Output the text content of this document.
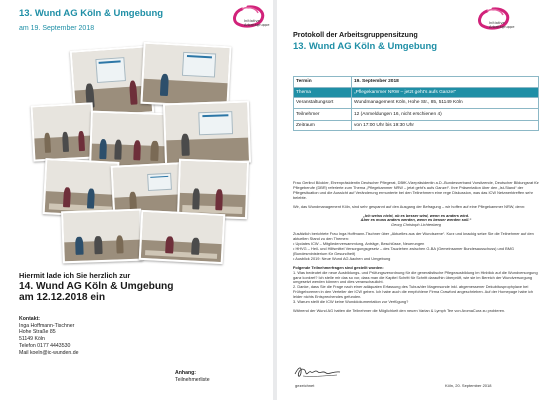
13. Wund AG Köln & Umgebung
am 19. September 2018
Initiative
Arbeitsgruppe
Hiermit lade ich Sie herzlich zur
14. Wund AG Köln & Umgebung
am 12.12.2018 ein
Kontakt:
Inga Hoffmann-Tischner
Hohe Straße 85
51149 Köln
Telefon 0177 4443530
Mail koeln@ic-wunden.de
Anhang:
Teilnehmerliste
Initiative
Arbeitsgruppe
Protokoll der Arbeitsgruppensitzung
13. Wund AG Köln & Umgebung
Termin	19. September 2018
Thema	„Pflegekammer NRW – jetzt geht's aufs Ganze!“
Veranstaltungsort	Wundmanagement Köln, Hohe Str., 85, 51149 Köln
Teilnehmer	12 (Anmeldungen 16, nicht erschienen 4)
Zeitraum	von 17:00 Uhr bis 19:30 Uhr

Frau Gerlind Böckler, Ehrenpräsidentin Deutscher Pflegerat, DBfK-Vizepräsidentin a.D.-Bundesverband Vorsitzende, Deutscher Bildungsrat für Pflegeberufe (DBR) referierte zum Thema „Pflegekammer NRW – jetzt geht's aufs Ganze!“. Ihre Präsentation über den „Ist-Stand“ der Pflegesituation und die Aussicht auf Veränderung ermunterte bei den Teilnehmern eine rege Diskussion, was das ICW Netzwerktreffen sehr belebte.

Wir, das Wundmanagement Köln, sind sehr gespannt auf den Ausgang der Befragung – wir hoffen auf eine Pflegekammer NRW, denn:

„Ich weiss nicht, ob es besser wird, wenn es anders wird.

Aber es muss anders werden, wenn es besser werden soll.“

Georg Christoph Lichtenberg

Zusätzlich berichtete Frau Inga Hoffmann-Tischner über „Aktuelles aus der Wundszene“. Kurz und knackig setze Sie die Teilnehmer auf den aktuellen Stand zu den Themen:

• Updates ICW – Mitgliederversammlung, Anträge, Beschlüsse, Neuerungen
• HHVG – Heil- und Hilfsmittel Versorgungsgesetz – des Tauziehen zwischen G-BA (Gemeinsamer Bundesausschuss) und BMG (Bundesministerium für Gesundheit)
• Ausblick 2019: Neue Wund AG Aachen und Umgebung

Folgende Teilnehmerfragen sind gestellt worden:

1. Was bedeutet die neue Ausbildungs- und Prüfungsverordnung für die generalistische Pflegeausbildung im Hinblick auf die Wundversorgung ganz konkret? Ich stelle mir das so vor, dass man die Kapitel Schritt für Schritt daraufhin überprüft, wie sie im Bereich der Wundversorgung umgesetzt werden können und dies veranschaulicht.
2. Danke, dass Sie die Frage nach einer adäquaten Erfassung des Tubus/der Magensonde inkl. abgemessener Dekubitusprophylaxe bei Frühgeborenen in den Verteiler der ICW geben. Ich habe auch die empfohlene Firma Crawford angeschrieben. Auf der Homepage habe ich leider nichts Entsprechendes gefunden.
3. Warum stellt die ICW keine Wunddokumentation zur Verfügung?

Während der Wund AG hatten die Teilnehmer die Möglichkeit den neuen Varian & Lymph Tee von AromaCura zu probieren.

gezeichnet	Köln, 20. September 2018
